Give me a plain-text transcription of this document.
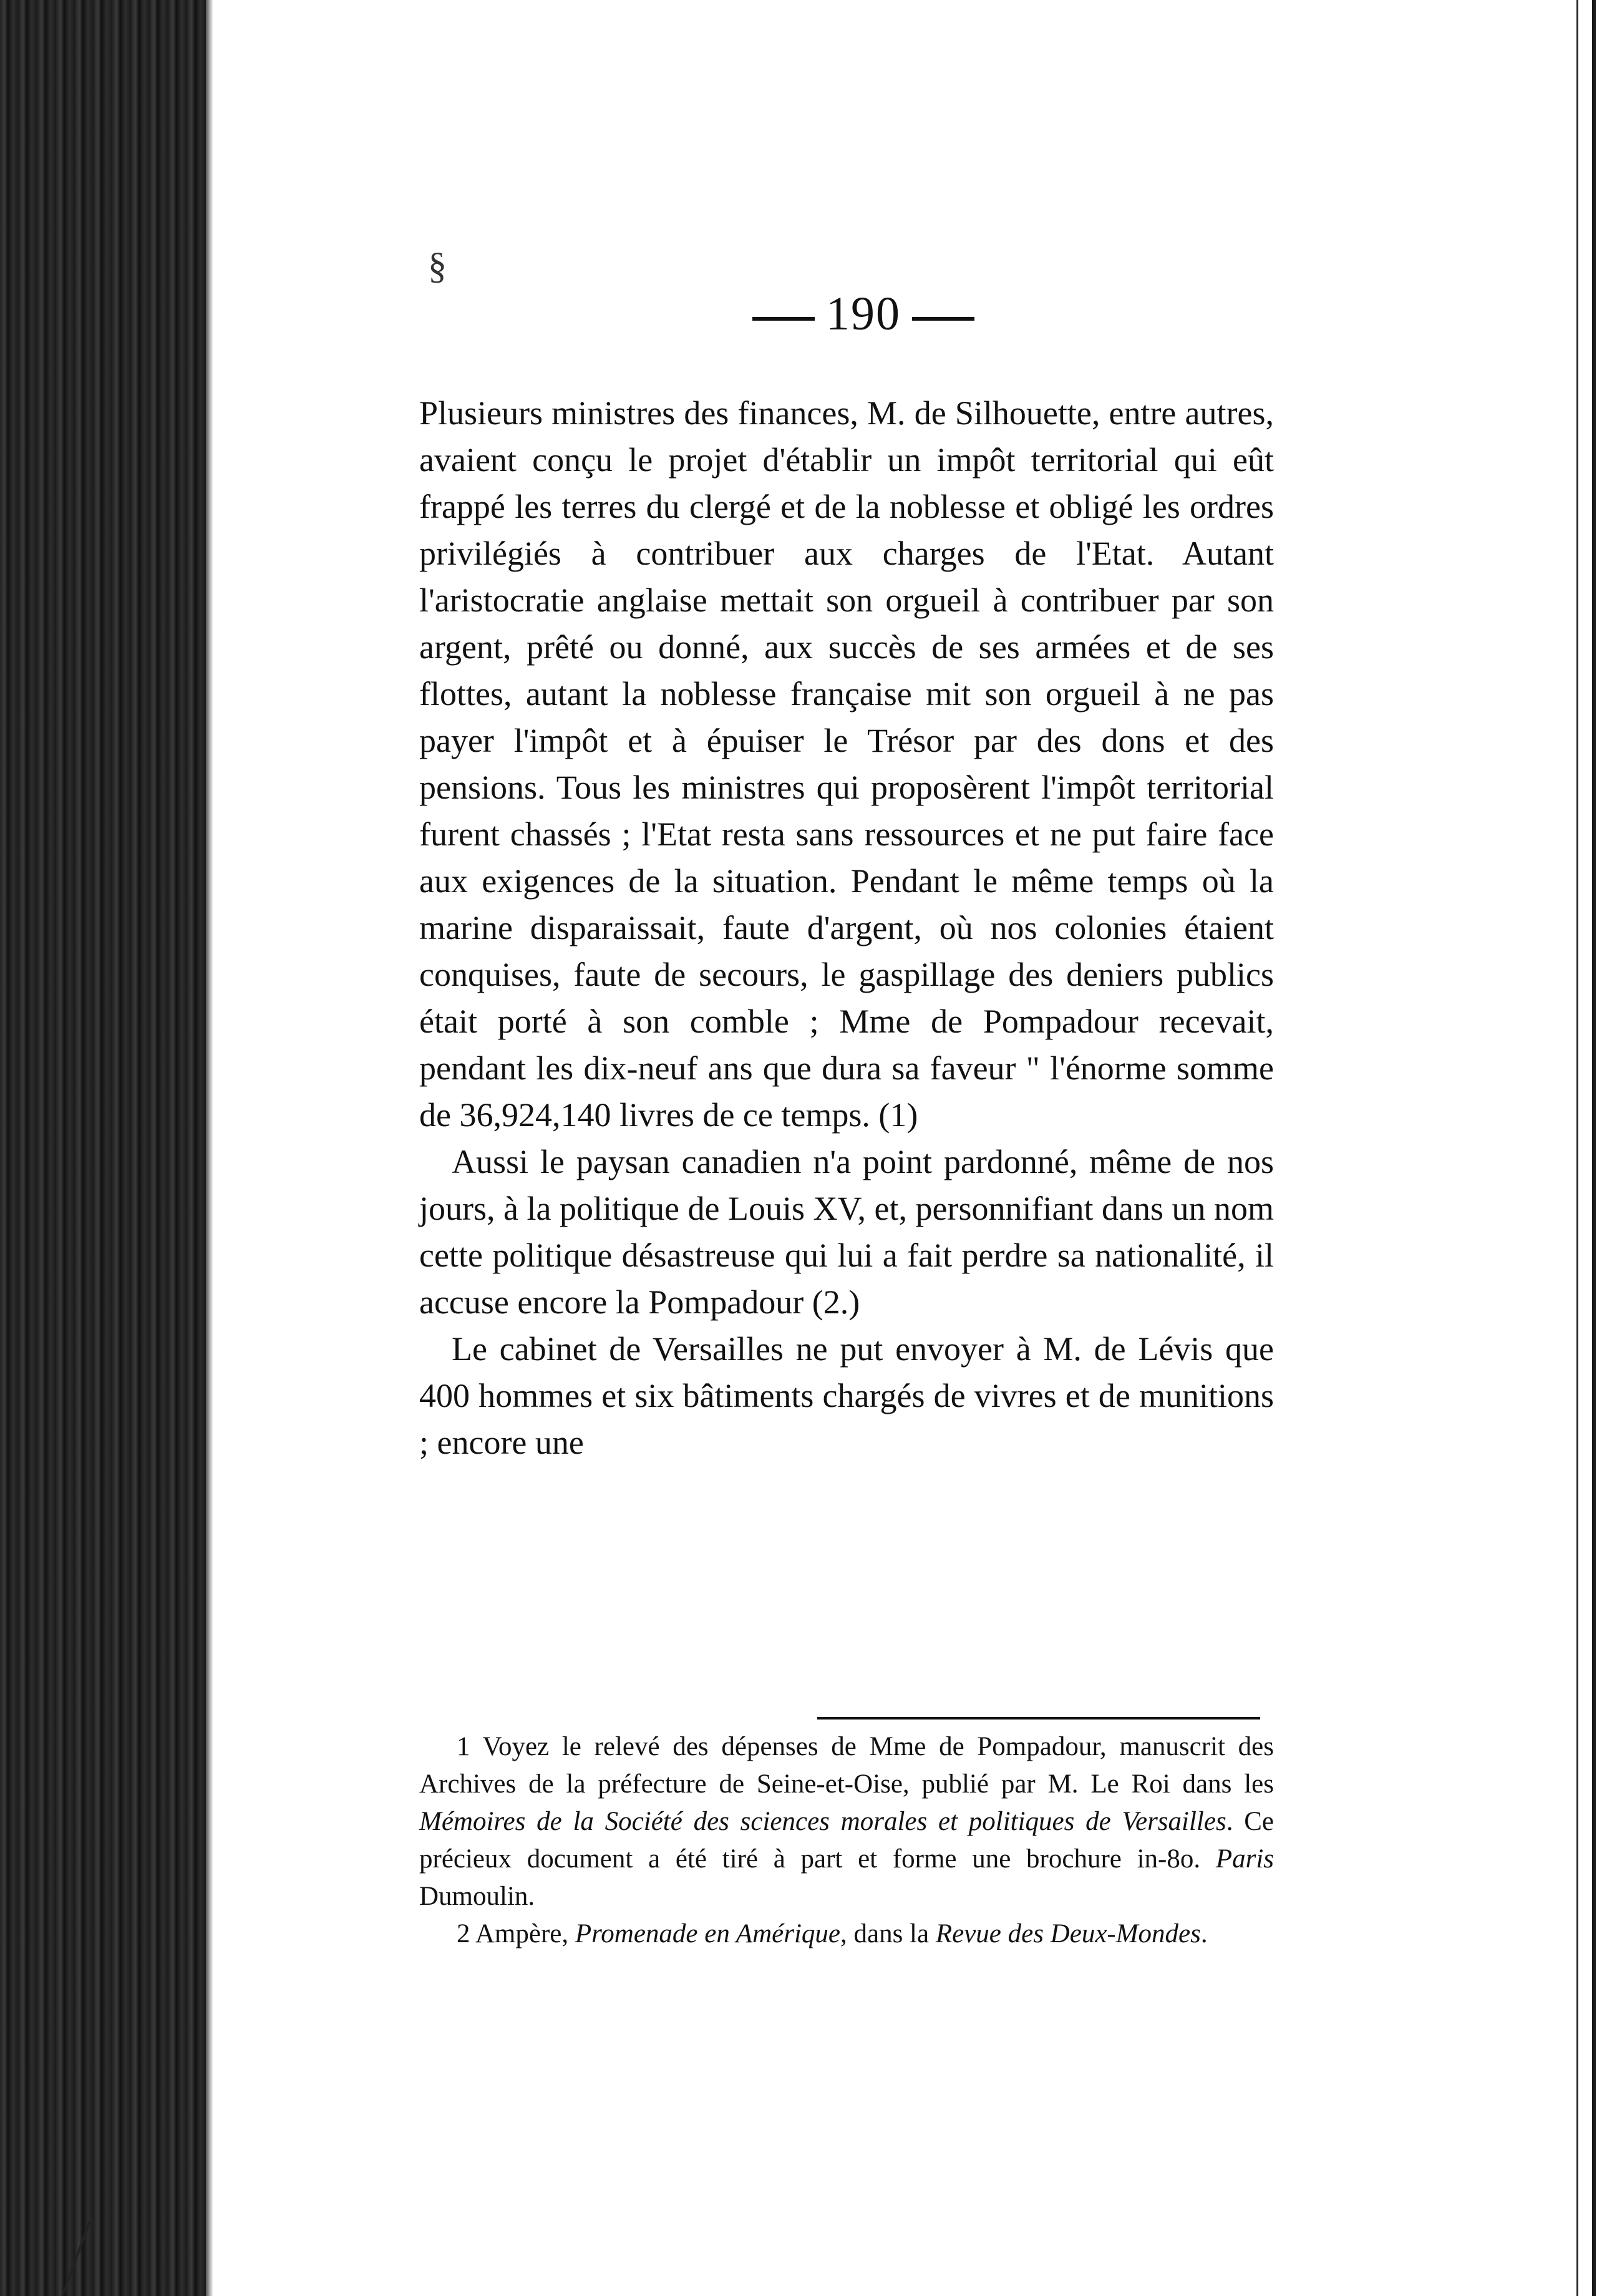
§
190

Plusieurs ministres des finances, M. de Silhouette, entre autres, avaient conçu le projet d'établir un impôt territorial qui eût frappé les terres du clergé et de la noblesse et obligé les ordres privilégiés à contribuer aux charges de l'Etat. Autant l'aristocratie anglaise mettait son orgueil à contribuer par son argent, prêté ou donné, aux succès de ses armées et de ses flottes, autant la noblesse française mit son orgueil à ne pas payer l'impôt et à épuiser le Trésor par des dons et des pensions. Tous les ministres qui proposèrent l'impôt territorial furent chassés ; l'Etat resta sans ressources et ne put faire face aux exigences de la situation. Pendant le même temps où la marine disparaissait, faute d'argent, où nos colonies étaient conquises, faute de secours, le gaspillage des deniers publics était porté à son comble ; Mme de Pompadour recevait, pendant les dix-neuf ans que dura sa faveur " l'énorme somme de 36,924,140 livres de ce temps. (1)

Aussi le paysan canadien n'a point pardonné, même de nos jours, à la politique de Louis XV, et, personnifiant dans un nom cette politique désastreuse qui lui a fait perdre sa nationalité, il accuse encore la Pompadour (2.)

Le cabinet de Versailles ne put envoyer à M. de Lévis que 400 hommes et six bâtiments chargés de vivres et de munitions ; encore une

1 Voyez le relevé des dépenses de Mme de Pompadour, manuscrit des Archives de la préfecture de Seine-et-Oise, publié par M. Le Roi dans les Mémoires de la Société des sciences morales et politiques de Versailles. Ce précieux document a été tiré à part et forme une brochure in-8o. Paris Dumoulin.

2 Ampère, Promenade en Amérique, dans la Revue des Deux-Mondes.
